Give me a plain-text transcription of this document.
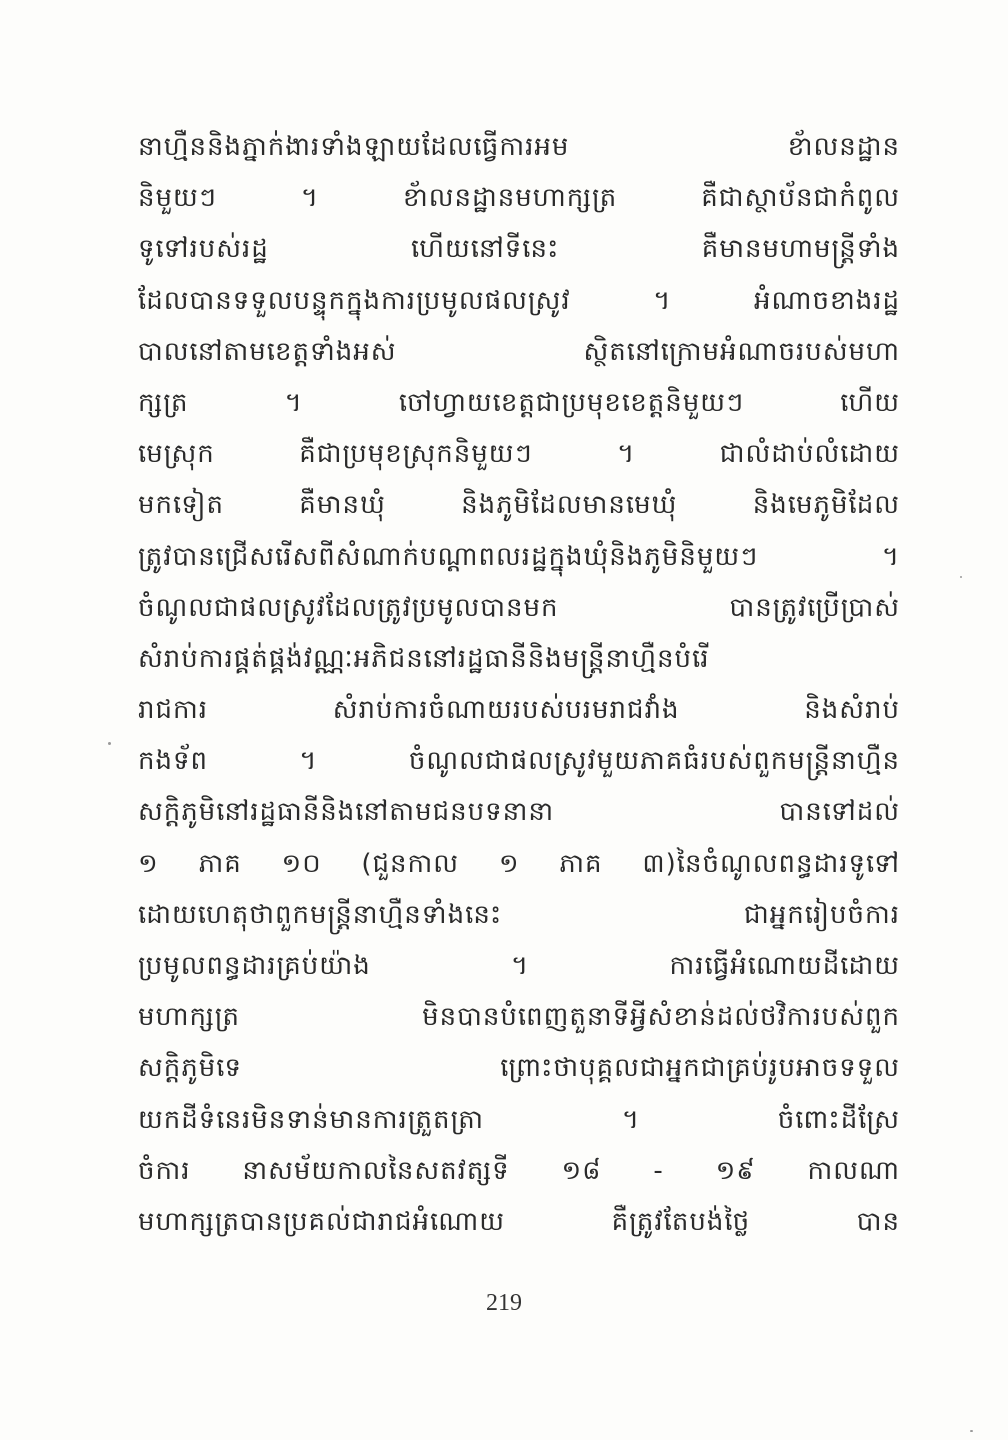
នាហ្មឺននិងភ្នាក់ងារទាំងឡាយដែលធ្វើការអម ខ័ាលនដ្ឋាន
និមួយៗ ។ ខ័ាលនដ្ឋានមហាក្សត្រ គឺជាស្ថាប័នជាកំពូល
ទូទៅរបស់រដ្ឋ ហើយនៅទីនេះ គឺមានមហាមន្ត្រីទាំង
ដែលបានទទួលបន្ទុកក្នុងការប្រមូលផលស្រូវ ។ អំណាចខាងរដ្ឋ
បាលនៅតាមខេត្តទាំងអស់ ស្ថិតនៅក្រោមអំណាចរបស់មហា
ក្សត្រ ។ ចៅហ្វាយខេត្តជាប្រមុខខេត្តនិមួយៗ ហើយ
មេស្រុក គឺជាប្រមុខស្រុកនិមួយៗ ។ ជាលំដាប់លំដោយ
មកទៀត គឺមានឃុំ និងភូមិដែលមានមេឃុំ និងមេភូមិដែល
ត្រូវបានជ្រើសរើសពីសំណាក់បណ្តាពលរដ្ឋក្នុងឃុំនិងភូមិនិមួយៗ ។
ចំណូលជាផលស្រូវដែលត្រូវប្រមូលបានមក បានត្រូវប្រើប្រាស់
សំរាប់ការផ្គត់ផ្គង់វណ្ណៈអភិជននៅរដ្ឋធានីនិងមន្ត្រីនាហ្មឺនបំរើ
រាជការ សំរាប់ការចំណាយរបស់បរមរាជវាំង និងសំរាប់
កងទ័ព ។ ចំណូលជាផលស្រូវមួយភាគធំរបស់ពួកមន្ត្រីនាហ្មឺន
សក្តិភូមិនៅរដ្ឋធានីនិងនៅតាមជនបទនានា បានទៅដល់
១ ភាគ ១០ (ជួនកាល ១ ភាគ ៣)នៃចំណូលពន្ធដារទូទៅ
ដោយហេតុថាពួកមន្ត្រីនាហ្មឺនទាំងនេះ ជាអ្នករៀបចំការ
ប្រមូលពន្ធដារគ្រប់យ៉ាង ។ ការធ្វើអំណោយដីដោយ
មហាក្សត្រ មិនបានបំពេញតួនាទីអ្វីសំខាន់ដល់ថវិការបស់ពួក
សក្តិភូមិទេ ព្រោះថាបុគ្គលជាអ្នកជាគ្រប់រូបអាចទទួល
យកដីទំនេរមិនទាន់មានការត្រួតត្រា ។ ចំពោះដីស្រែ
ចំការ នាសម័យកាលនៃសតវត្សទី ១៨ - ១៩ កាលណា
មហាក្សត្របានប្រគល់ជារាជអំណោយ គឺត្រូវតែបង់ថ្លៃ បាន
219
